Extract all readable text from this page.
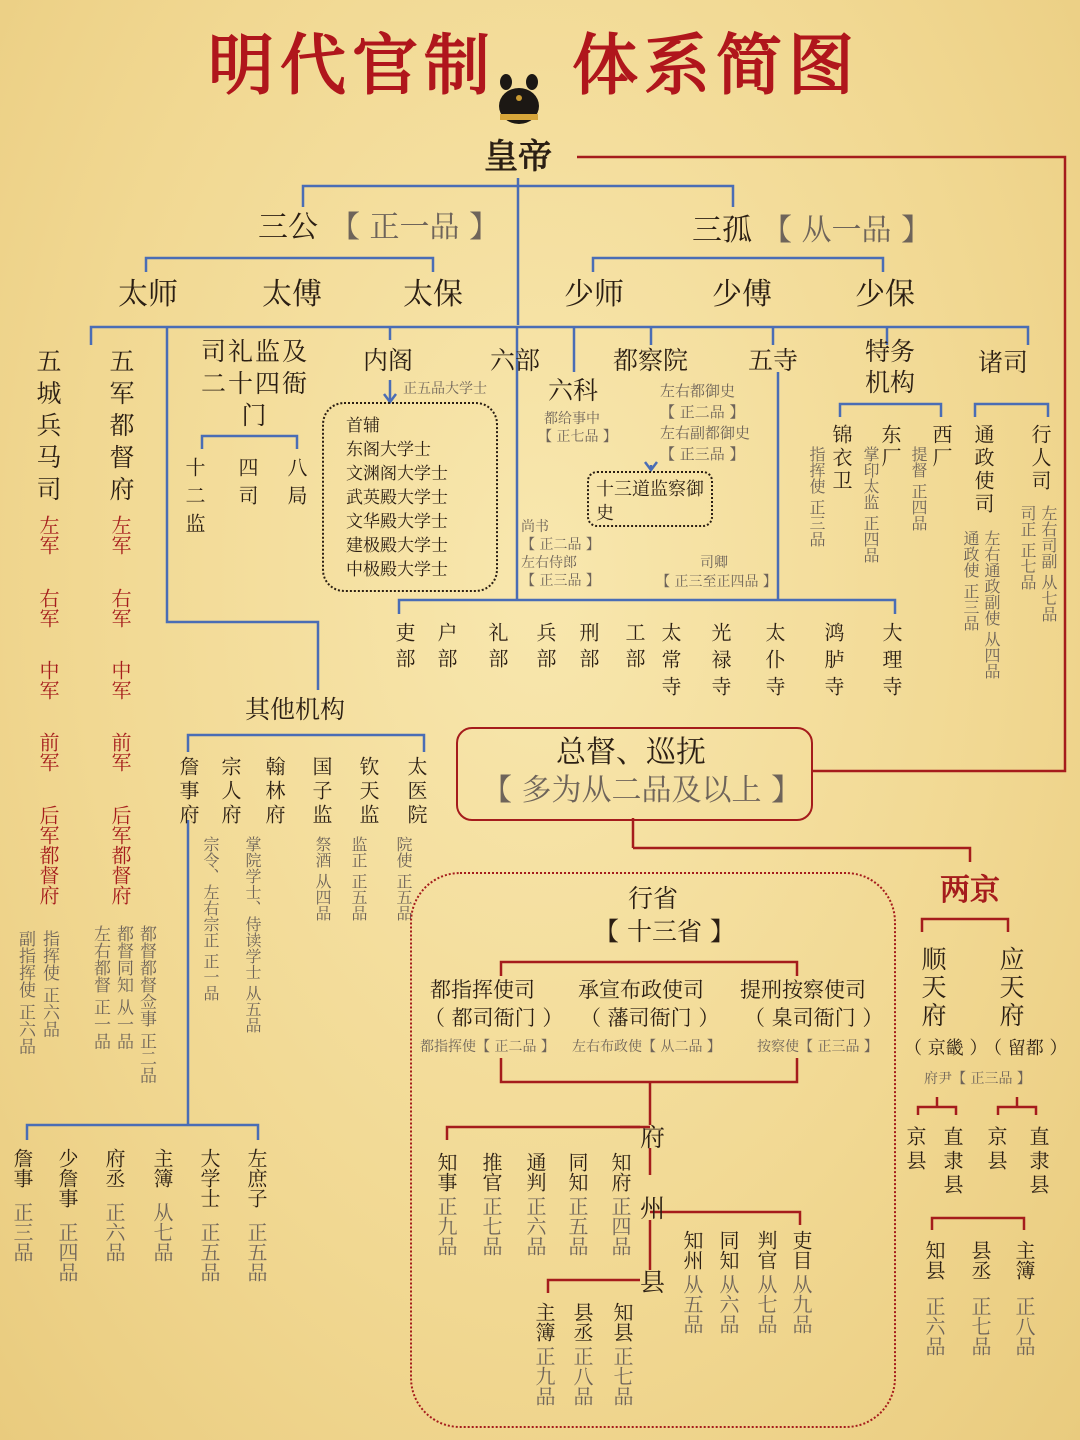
明代官制 体系简图
皇帝
三公 【 正一品 】	三孤 【 从一品 】
太师	太傅	太保	少师	少傅	少保
五城兵马司
左军
右军
中军
前军
后军都督府
指挥使 正六品
副指挥使 正六品
五军都督府
左军
右军
中军
前军
后军都督府
都督都督佥事 正二品
都督同知 从一品
左右都督 正一品
司礼监及二十四衙门
十二监 四司 八局
内阁
正五品大学士
首辅
东阁大学士
文渊阁大学士
武英殿大学士
文华殿大学士
建极殿大学士
中极殿大学士
六部
六科
都给事中
【 正七品 】
尚书
【 正二品 】
左右侍郎
【 正三品 】
都察院
左右都御史
【 正二品 】
左右副都御史
【 正三品 】
十三道监察御史
五寺
司卿
【 正三至正四品 】
吏部 户部 礼部 兵部 刑部 工部 太常寺 光禄寺 太仆寺 鸿胪寺 大理寺
特务机构
锦衣卫
指挥使 正三品	东厂
掌印太监 正四品 西厂
提督 正四品
诸司
通政使司
通政使 正三品 左右通政副使 从四品
行人司
司正 正七品 左右司副 从七品
其他机构
詹事府 宗人府
宗令、左右宗正 正一品
翰林府
掌院学士、侍读学士 从五品
国子监
祭酒 从四品
钦天监
监正 正五品
太医院
院使 正五品
詹事
正三品
少詹事
正四品
府丞
正六品
主簿
从七品
大学士
正五品
左庶子
正五品
总督、巡抚
【 多为从二品及以上 】
行省
【 十三省 】
都指挥使司
（ 都司衙门 ）
都指挥使【 正二品 】
承宣布政使司
（ 藩司衙门 ）
左右布政使【 从二品 】
提刑按察使司
（ 臬司衙门 ）
按察使【 正三品 】
府
知事
正九品
推官
正七品
通判
正六品
同知
正五品
知府
正四品 州
知州
从五品
同知
从六品
判官
从七品
吏目
从九品
县
主簿
正九品
县丞
正八品
知县
正七品
两京
顺天府 应天府
（ 京畿 ）
（ 留都 ）
府尹【 正三品 】
京县 直隶县 京县 直隶县
知县
正六品
县丞
正七品
主簿
正八品
